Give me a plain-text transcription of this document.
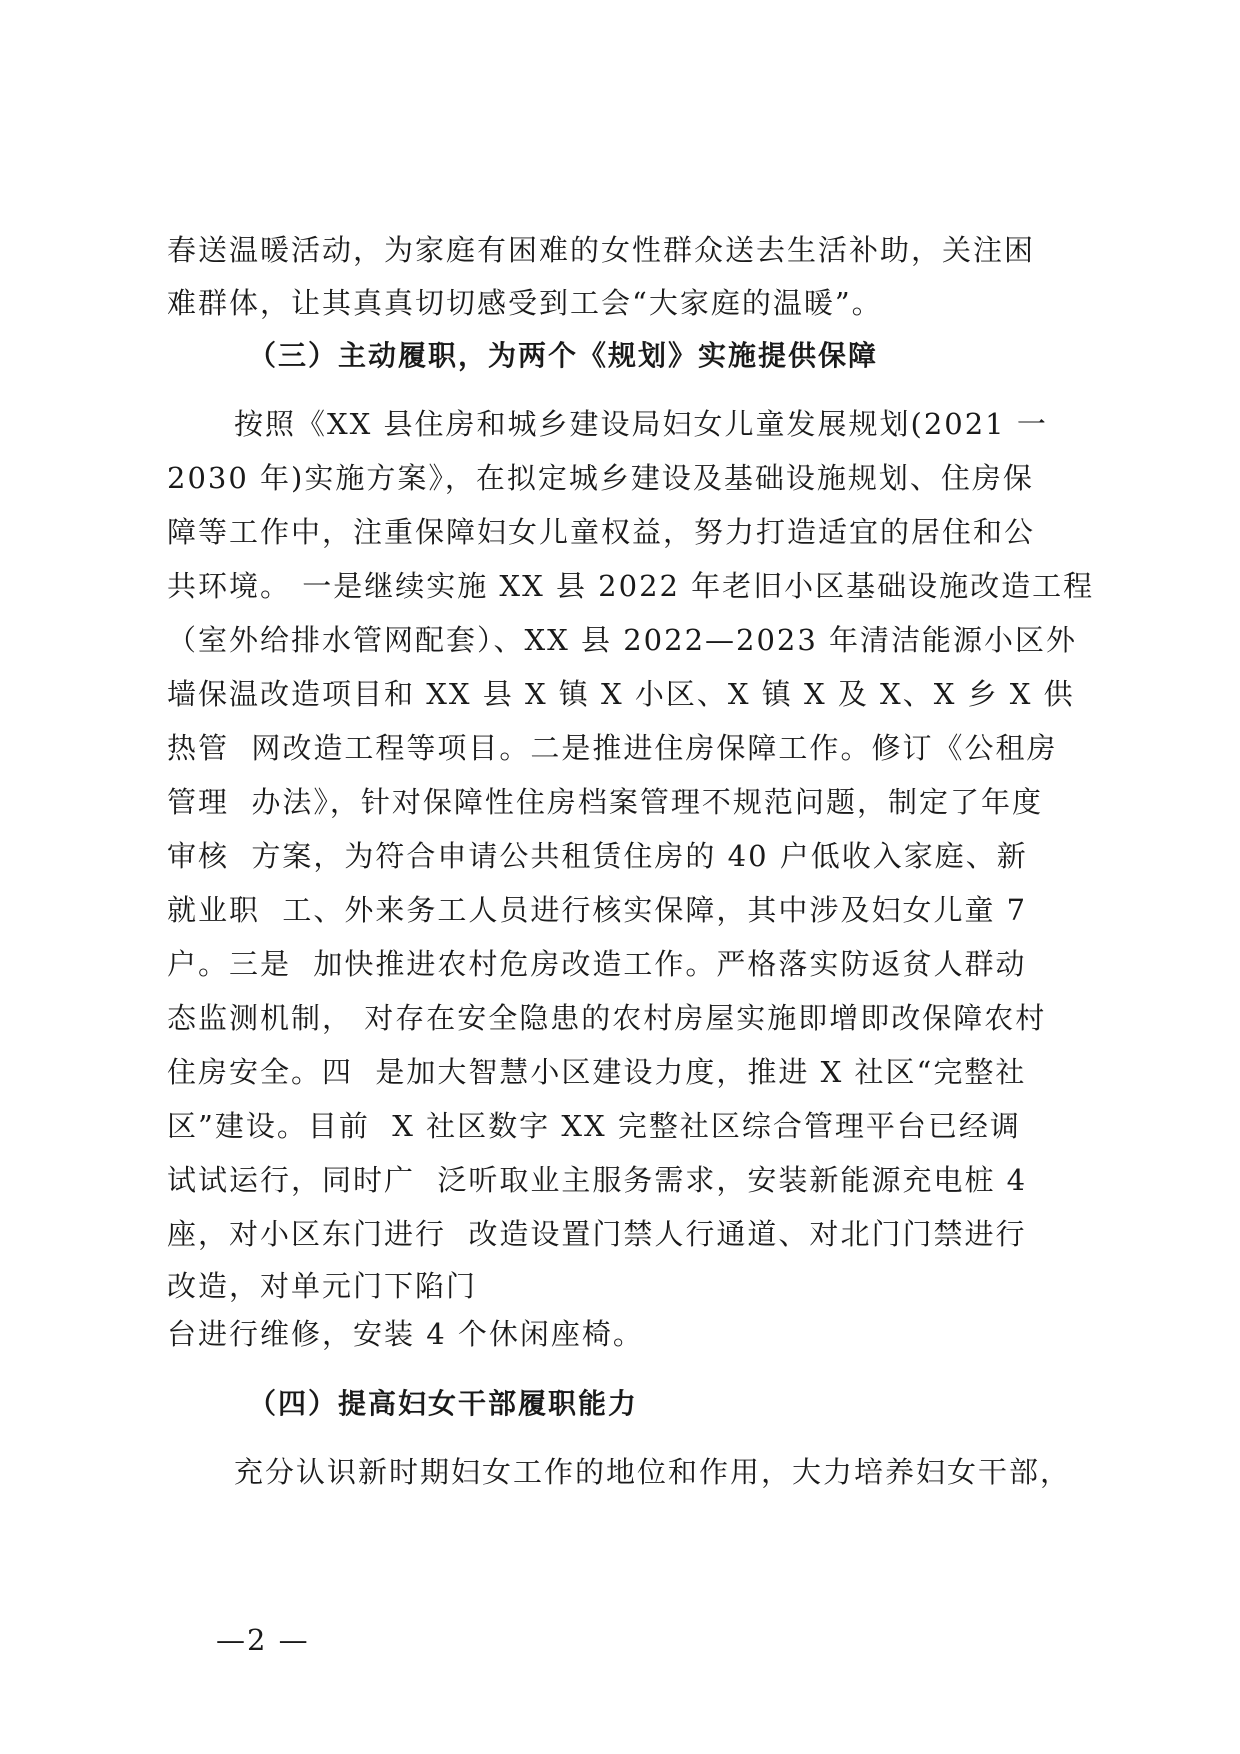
春送温暖活动，为家庭有困难的女性群众送去生活补助，关注困

难群体，让其真真切切感受到工会“大家庭的温暖”。

（三）主动履职，为两个《规划》实施提供保障

按照《XX 县住房和城乡建设局妇女儿童发展规划(2021 一

2030 年)实施方案》，在拟定城乡建设及基础设施规划、住房保

障等工作中，注重保障妇女儿童权益，努力打造适宜的居住和公

共环境。 一是继续实施 XX 县 2022 年老旧小区基础设施改造工程

（室外给排水管网配套）、XX 县 2022—2023 年清洁能源小区外

墙保温改造项目和 XX 县 X 镇 X 小区、X 镇 X 及 X、X 乡 X 供

热管  网改造工程等项目。二是推进住房保障工作。修订《公租房

管理  办法》，针对保障性住房档案管理不规范问题，制定了年度

审核  方案，为符合申请公共租赁住房的 40 户低收入家庭、新

就业职  工、外来务工人员进行核实保障，其中涉及妇女儿童 7

户。三是  加快推进农村危房改造工作。严格落实防返贫人群动

态监测机制， 对存在安全隐患的农村房屋实施即增即改保障农村

住房安全。四  是加大智慧小区建设力度，推进 X 社区“完整社

区”建设。目前  X 社区数字 XX 完整社区综合管理平台已经调

试试运行，同时广  泛听取业主服务需求，安装新能源充电桩 4

座，对小区东门进行  改造设置门禁人行通道、对北门门禁进行

改造，对单元门下陷门

台进行维修，安装 4 个休闲座椅。

（四）提高妇女干部履职能力

充分认识新时期妇女工作的地位和作用，大力培养妇女干部，

—2 —
